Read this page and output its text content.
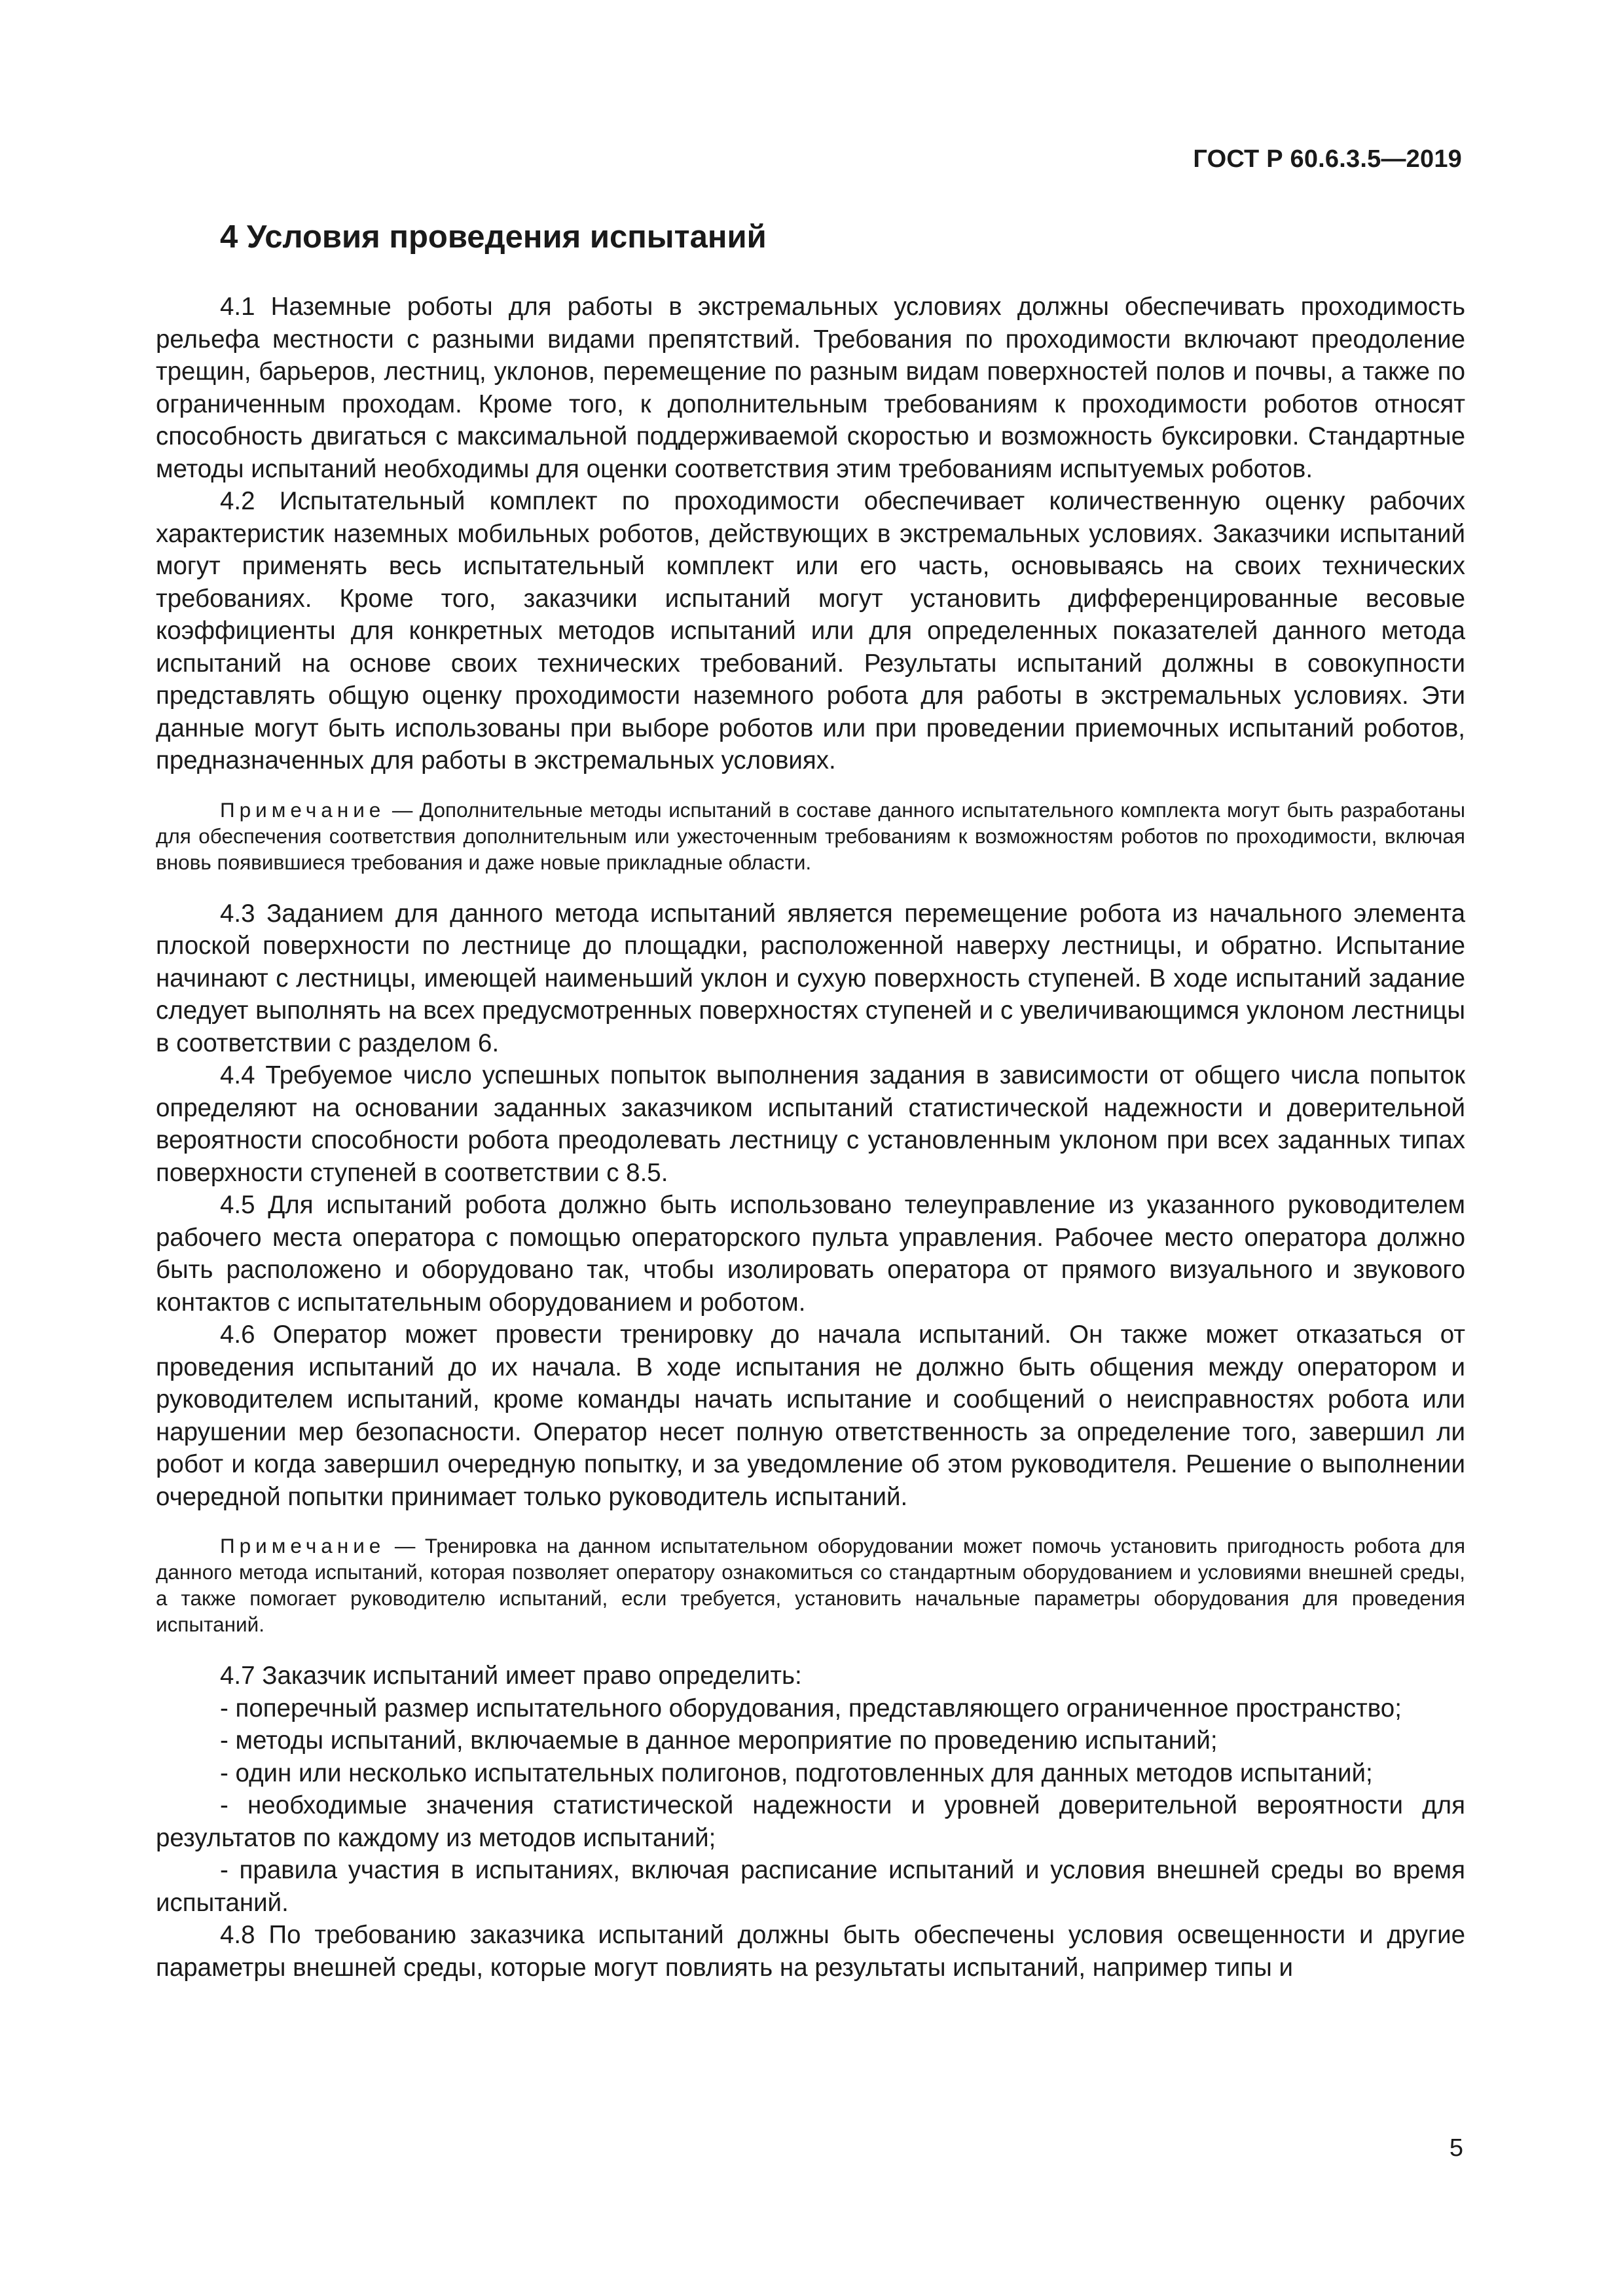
ГОСТ Р 60.6.3.5—2019
4 Условия проведения испытаний

4.1 Наземные роботы для работы в экстремальных условиях должны обеспечивать проходимость рельефа местности с разными видами препятствий. Требования по проходимости включают преодоление трещин, барьеров, лестниц, уклонов, перемещение по разным видам поверхностей полов и почвы, а также по ограниченным проходам. Кроме того, к дополнительным требованиям к проходимости роботов относят способность двигаться с максимальной поддерживаемой скоростью и возможность буксировки. Стандартные методы испытаний необходимы для оценки соответствия этим требованиям испытуемых роботов.

4.2 Испытательный комплект по проходимости обеспечивает количественную оценку рабочих характеристик наземных мобильных роботов, действующих в экстремальных условиях. Заказчики испытаний могут применять весь испытательный комплект или его часть, основываясь на своих технических требованиях. Кроме того, заказчики испытаний могут установить дифференцированные весовые коэффициенты для конкретных методов испытаний или для определенных показателей данного метода испытаний на основе своих технических требований. Результаты испытаний должны в совокупности представлять общую оценку проходимости наземного робота для работы в экстремальных условиях. Эти данные могут быть использованы при выборе роботов или при проведении приемочных испытаний роботов, предназначенных для работы в экстремальных условиях.

Примечание — Дополнительные методы испытаний в составе данного испытательного комплекта могут быть разработаны для обеспечения соответствия дополнительным или ужесточенным требованиям к возможностям роботов по проходимости, включая вновь появившиеся требования и даже новые прикладные области.

4.3 Заданием для данного метода испытаний является перемещение робота из начального элемента плоской поверхности по лестнице до площадки, расположенной наверху лестницы, и обратно. Испытание начинают с лестницы, имеющей наименьший уклон и сухую поверхность ступеней. В ходе испытаний задание следует выполнять на всех предусмотренных поверхностях ступеней и с увеличивающимся уклоном лестницы в соответствии с разделом 6.

4.4 Требуемое число успешных попыток выполнения задания в зависимости от общего числа попыток определяют на основании заданных заказчиком испытаний статистической надежности и доверительной вероятности способности робота преодолевать лестницу с установленным уклоном при всех заданных типах поверхности ступеней в соответствии с 8.5.

4.5 Для испытаний робота должно быть использовано телеуправление из указанного руководителем рабочего места оператора с помощью операторского пульта управления. Рабочее место оператора должно быть расположено и оборудовано так, чтобы изолировать оператора от прямого визуального и звукового контактов с испытательным оборудованием и роботом.

4.6 Оператор может провести тренировку до начала испытаний. Он также может отказаться от проведения испытаний до их начала. В ходе испытания не должно быть общения между оператором и руководителем испытаний, кроме команды начать испытание и сообщений о неисправностях робота или нарушении мер безопасности. Оператор несет полную ответственность за определение того, завершил ли робот и когда завершил очередную попытку, и за уведомление об этом руководителя. Решение о выполнении очередной попытки принимает только руководитель испытаний.

Примечание — Тренировка на данном испытательном оборудовании может помочь установить пригодность робота для данного метода испытаний, которая позволяет оператору ознакомиться со стандартным оборудованием и условиями внешней среды, а также помогает руководителю испытаний, если требуется, установить начальные параметры оборудования для проведения испытаний.

4.7 Заказчик испытаний имеет право определить:

- поперечный размер испытательного оборудования, представляющего ограниченное пространство;

- методы испытаний, включаемые в данное мероприятие по проведению испытаний;

- один или несколько испытательных полигонов, подготовленных для данных методов испытаний;

- необходимые значения статистической надежности и уровней доверительной вероятности для результатов по каждому из методов испытаний;

- правила участия в испытаниях, включая расписание испытаний и условия внешней среды во время испытаний.

4.8 По требованию заказчика испытаний должны быть обеспечены условия освещенности и другие параметры внешней среды, которые могут повлиять на результаты испытаний, например типы и

5
